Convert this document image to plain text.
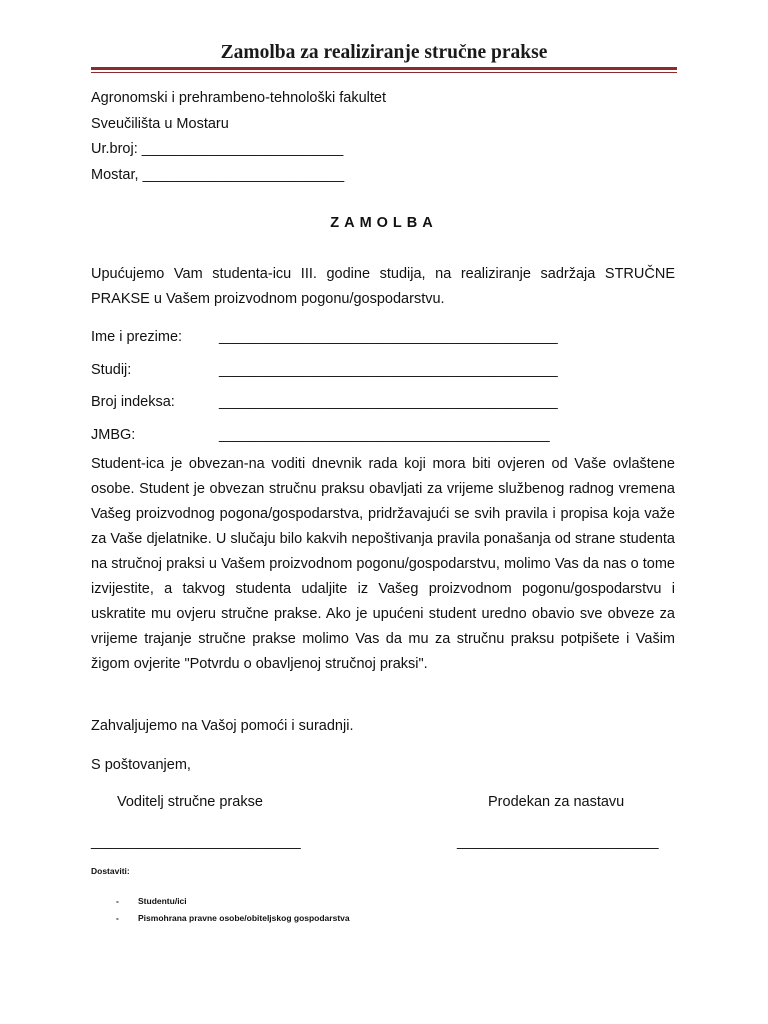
Zamolba za realiziranje stručne prakse
Agronomski i prehrambeno-tehnološki fakultet
Sveučilišta u Mostaru
Ur.broj: _________________________
Mostar, _________________________
ZAMOLBA
Upućujemo Vam studenta-icu III. godine studija, na realiziranje sadržaja STRUČNE PRAKSE u Vašem proizvodnom pogonu/gospodarstvu.
Ime i prezime:	__________________________________________
Studij:	__________________________________________
Broj indeksa:	__________________________________________
JMBG:	_________________________________________
Student-ica je obvezan-na voditi dnevnik rada koji mora biti ovjeren od Vaše ovlaštene osobe. Student je obvezan stručnu praksu obavljati za vrijeme službenog radnog vremena Vašeg proizvodnog pogona/gospodarstva, pridržavajući se svih pravila i propisa koja važe za Vaše djelatnike. U slučaju bilo kakvih nepoštivanja pravila ponašanja od strane studenta na stručnoj praksi u Vašem proizvodnom pogonu/gospodarstvu, molimo Vas da nas o tome izvijestite, a takvog studenta udaljite iz Vašeg proizvodnom pogonu/gospodarstvu i uskratite mu ovjeru stručne prakse. Ako je upućeni student uredno obavio sve obveze za vrijeme trajanje stručne prakse molimo Vas da mu za stručnu praksu potpišete i Vašim žigom ovjerite "Potvrdu o obavljenoj stručnoj praksi".
Zahvaljujemo na Vašoj pomoći i suradnji.
S poštovanjem,
Voditelj stručne prakse	Prodekan za nastavu
__________________________	_________________________
Dostaviti:
- Studentu/ici
- Pismohrana pravne osobe/obiteljskog gospodarstva
